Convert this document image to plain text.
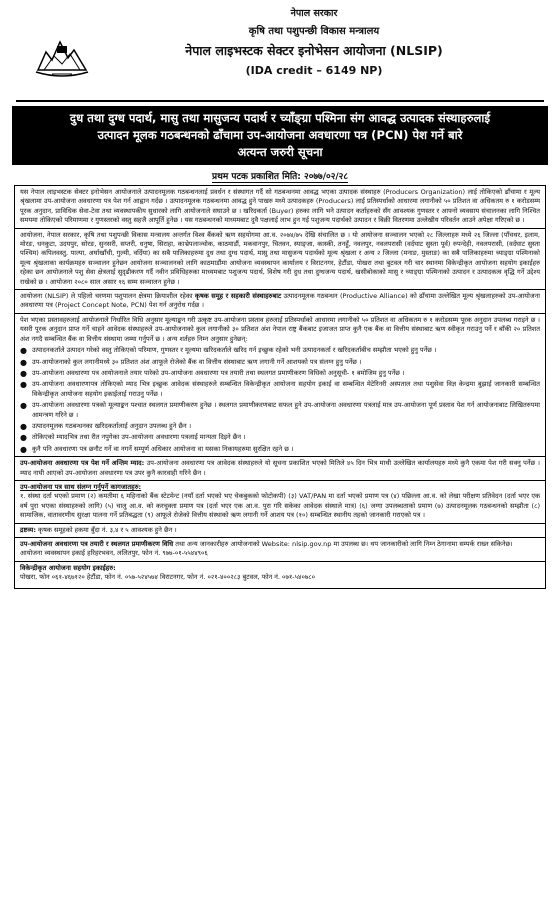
नेपाल सरकार
कृषि तथा पशुपन्छी विकास मन्त्रालय
नेपाल लाइभस्टक सेक्टर इनोभेसन आयोजना (NLSIP)
(IDA credit – 6149 NP)
दुध तथा दुग्ध पदार्थ, मासु तथा मासुजन्य पदार्थ र च्याँङ्ग्रा पश्मिना संग आवद्ध उत्पादक संस्थाहरुलाई
उत्पादन मूलक गठबन्धनको ढाँचामा उप-आयोजना अवधारणा पत्र (PCN) पेश गर्ने बारे
अत्यन्त जरुरी सूचना
प्रथम पटक प्रकाशित मिति: २०७७/०२/२८

यस नेपाल लाइभस्टक सेक्टर इनोभेसन आयोजनाले उत्पादनमूलक गठबन्धनलाई प्रवर्धन र संस्थागत गर्दै सो गठबन्धनमा आवद्ध भएका उत्पादक संस्थाहरु (Producers Organization) लाई तोकिएको ढाँचामा र मूल्य श्रृंखलामा उप-आयोजना अवधारणा पत्र पेश गर्न आह्वान गर्दछ । उत्पादनमूलक गठबन्धनमा आवद्ध हुने पाखरु मध्ये उत्पादकहरु (Producers) लाई प्रतिस्पर्धाको आधारमा लगानीको ५० प्रतिशत वा अधिकतम रु १ करोडसम्म पूरक अनुदान, प्राविधिक सेवा-टेवा तथा व्यवस्थापकीय सुधारको लागि आयोजनाले सघाउने छ । खरिदकर्ता (Buyer) हरुका लागि भने उत्पादन कर्ताहरुको सँग आवश्यक गुणस्तर र आफ्नो व्यवसाय संचालनका लागि निश्चित समयमा तोकिएको परिमाणमा र गुणस्तरको वस्तु सहजै आपूर्ति हुनेछ । यस गठबन्धनको माध्यमबाट दुवै पक्षलाई लाभ हुन गई पशुजन्य पदार्थको उत्पादन र बिक्री वितरणमा उल्लेखीय परिवर्तन आउने अपेक्षा गरिएको छ ।

आयोजना, नेपाल सरकार, कृषि तथा पशुपन्छी विकास मन्त्रालय अन्तर्गत विश्व बैंकको ऋण सहयोगमा आ.व. २०७४/७५ देखि संचालित छ । यो आयोजना सञ्चालन भएको २८ जिल्लाहरु मध्ये २६ जिल्ला (पाँचथर, इलाम, मोरङ, धनकुटा, उदयपुर, सोरङ, सुनसरी, सप्तरी, धनुषा, सिराहा, काभ्रेपलाञ्चोक, काठमाडौं, मकवानपुर, चितवन, स्याङ्जा, कास्की, तनहुँ, नवलपुर, नवलपरासी (वर्दघाट सुस्ता पूर्व) रुपन्देही, नवलपरासी, (वर्दघाट सुस्ता पश्चिम) कपिलवस्तु, पाल्पा, अर्घाखाँची, गुल्मी, वर्दिया) का सबै पालिकाहरुमा दुध तथा दुग्ध पदार्थ, मासु तथा मासुजन्य पदार्थको मूल्य श्रृंखला र अन्य २ जिल्ला (मनाङ, मुस्ताङ) का सबै पालिकाहरुमा च्याङ्ग्रा पश्मिनाको मूल्य श्रृंखलाका कार्यक्रमहरु सञ्चालन हुनेछन आयोजना सञ्चालनको लागि काठमाडौंमा आयोजना व्यवस्थापन कार्यालय र विराटनगर, हेटौंडा, पोखरा तथा बुटवल गरी चार स्थानमा विकेन्द्रीकृत आयोजना सहयोग इकाईहरु रहेका छन आयोजनाले पशु सेवा क्षेत्रलाई सुदृढीकरण गर्दै नवीन प्रविधिहरुका माध्यमबाट पशुजन्य पदार्थ, विशेष गरी दुध तथा दुग्धजन्य पदार्थ, खसीबोकाको मासु र च्याङ्ग्रा पश्मिनाको उत्पादन र उत्पादकत्व वृद्धि गर्ने उद्देश्य राखेको छ । आयोजना २०८० साल असार १६ सम्म सञ्चालन हुनेछ ।

आयोजना (NLSIP) ले पहिलो चरणमा पशुपालन क्षेत्रमा क्रियाशील रहेका कृषक समूह र सहकारी संस्थाहरुबाट उत्पादनमूलक गठबन्धन (Productive Alliance) को ढाँचामा उल्लेखित मूल्य श्रृंखलाहरुको उप-आयोजना अवधारणा पत्र (Project Concept Note, PCN) पेश गर्न अनुरोध गर्दछ ।

पेश भएका प्रस्तावहरुलाई आयोजनाले निर्धारित विधि अनुसार मूल्याङ्कन गरी उत्कृष्ट उप-आयोजना प्रस्ताव हरुलाई प्रतिस्पर्धाको आधारमा लगानीको ५० प्रतिशत वा अधिकतम रु १ करोडसम्म पूरक अनुदान उपलब्ध गराइने छ । यसरी पूरक अनुदान प्राप्त गर्ने चाहने आवेदक संस्थाहरुले उप-आयोजनाको कुल लगानीको ३० प्रतिशत अंश नेपाल राष्ट्र बैंकबाट इजाजत प्राप्त कुनै एक बैंक वा वित्तीय संस्थाबाट ऋण स्वीकृत गराउनु पर्ने र बाँकी २० प्रतिशत अंश नगदै सम्बन्धित बैंक वा वित्तीय संस्थामा जम्मा गर्नुपर्ने छ । अन्य शर्तहरु निम्न अनुसार हुनेछन्:

● उत्पादनकर्ताले उत्पादन गरेको वस्तु तोकिएको परिमाण, गुणस्तर र मूल्यमा खरिदकर्ताले खरिद गर्न इच्छुक रहेको भनी उत्पादनकर्ता र खरिदकर्ताबीच सम्झौता भएको हुनु पर्नेछ ।
● उप-आयोजनाको कुल लगानीमध्ये ३० प्रतिशत अंश आफूले रोजेको बैंक वा वित्तीय संस्थाबाट ऋण लगानी गर्ने आशयको पत्र संलग्न हुनु पर्नेछ ।
● उप-आयोजना अवधारणा पत्र आयोजनाले तयार पारेको उप-आयोजना अवधारणा पत्र तयारी तथा स्थलगत प्रमाणीकरण विधिको अनुसूची- १ बमोजिम हुनु पर्नेछ ।
● उप-आयोजना अवधारणापत्र तोकिएको म्याद भित्र इच्छुक आवेदक संस्थाहरुले सम्बन्धित विकेन्द्रीकृत आयोजना सहयोग इकाई वा सम्बन्धित मेटेरिनरी अस्पताल तथा पशुसेवा विज्ञ केन्द्रमा बुझाई जानकारी सम्बन्धित विकेन्द्रीकृत आयोजना सहयोग इकाईलाई गराउनु पर्नेछ ।
● उप-आयोजना अवधारणा पत्रको मूल्याङ्कन पश्चात स्थलगत प्रमाणीकरण हुनेछ । स्थलगत प्रमाणीकरणबाट सफल हुने उप-आयोजना अवधारणा पत्रलाई मात्र उप-आयोजना पूर्ण प्रस्ताव पेश गर्न आयोजनाबाट लिखितरुपमा आमन्त्रण गरिने छ ।
● उत्पादनमूलक गठबन्धनका खरिदकर्तालाई अनुदान उपलब्ध हुने छैन ।
● तोकिएको म्यादभित्र तथा रीत नपुगेका उप-आयोजना अवधारणा पत्रलाई मान्यता दिइने छैन ।
● कुनै पनि अवधारणा पत्र छनौट गर्ने वा नगर्ने सम्पूर्ण अधिकार आयोजना वा यसका निकायहरुमा सुरक्षित रहने छ ।

उप-आयोजना अवधारणा पत्र पेश गर्ने अन्तिम म्याद: उप-आयोजना अवधारणा पत्र आवेदक संस्थाहरुले यो सूचना प्रकाशित भएको मितिले ४५ दिन भित्र माथी उल्लेखित कार्यालयहरु मध्ये कुनै एकमा पेश गरी सक्नु पर्नेछ । म्याद नाघी आएको उप-आयोजना अवधारणा पत्र उपर कुनै कारवाही गरिने छैन ।

उप-आयोजना पत्र साथ संलग्न गर्नुपर्ने कागजातहरु:
१. संस्था दर्ता भएको प्रमाण (२) कमतीमा ६ महिनाको बैंक स्टेटमेन्ट (नयाँ दर्ता भएको भए चेकबुकको फोटोकपी) (३) VAT/PAN मा दर्ता भएको प्रमाण पत्र (४) पछिल्ला आ.व. को लेखा परीक्षण प्रतिवेदन (दर्ता भएर एक वर्ष पुरा भएका संस्थाहरुको लागि) (५) चालु आ.व. को करचुक्ता प्रमाण पत्र (दर्ता भएर एक आ.व. पुरा गरि सकेका आवेदक संस्थाले मात्र) (६) जग्गा उपलब्धताको प्रमाण (७) उत्पादनमूलक गठबन्धनको सम्झौता (८) सामाजिक, वातावरणीय सुरक्षा पालना गर्ने प्रतिबद्धता (९) आफूले रोजेको वित्तीय संस्थाको ऋण लगानी गर्ने आशय पत्र (१०) सम्बन्धित स्थानीय तहको जानकारी गराएको पत्र ।

द्रष्टव्य: कृषक समूहको हकमा बुँदा नं. ३,४ र ५ आवश्यक हुने छैन ।

उप-आयोजना अवधारणा पत्र तयारी र स्थलगत प्रमाणीकरण विधि तथा अन्य जानकारीहरु आयोजनाको Website: nlsip.gov.np मा उपलब्ध छ। थप जानकारीको लागि निम्न ठेगानामा सम्पर्क राख्न सकिनेछ।
आयोजना व्यवस्थापन इकाई हरिहरभवन, ललितपुर, फोन नं. ९७७-०१-५५४४९०६

विकेन्द्रीकृत आयोजना सहयोग इकाईहरु:
पोखरा, फोन ०६१-४६७१२० हेटौंडा, फोन नं. ०५७-५२४५७४ विराटनगर, फोन नं. ०२१-४००२८३ बुटवल, फोन नं. ०७१-५४०७८०
